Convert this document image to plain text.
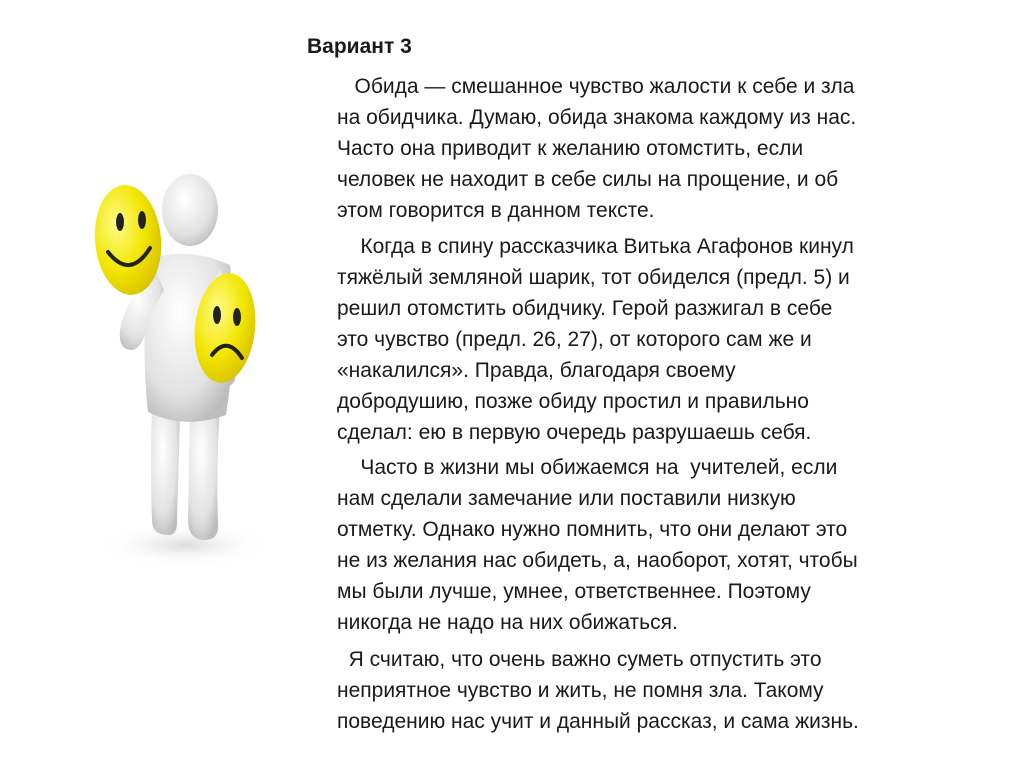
Вариант 3

Обида — смешанное чувство жалости к себе и зла
на обидчика. Думаю, обида знакома каждому из нас.
Часто она приводит к желанию отомстить, если
человек не находит в себе силы на прощение, и об
этом говорится в данном тексте.

Когда в спину рассказчика Витька Агафонов кинул
тяжёлый земляной шарик, тот обиделся (предл. 5) и
решил отомстить обидчику. Герой разжигал в себе
это чувство (предл. 26, 27), от которого сам же и
«накалился». Правда, благодаря своему
добродушию, позже обиду простил и правильно
сделал: ею в первую очередь разрушаешь себя.

Часто в жизни мы обижаемся на  учителей, если
нам сделали замечание или поставили низкую
отметку. Однако нужно помнить, что они делают это
не из желания нас обидеть, а, наоборот, хотят, чтобы
мы были лучше, умнее, ответственнее. Поэтому
никогда не надо на них обижаться.

Я считаю, что очень важно суметь отпустить это
неприятное чувство и жить, не помня зла. Такому
поведению нас учит и данный рассказ, и сама жизнь.
